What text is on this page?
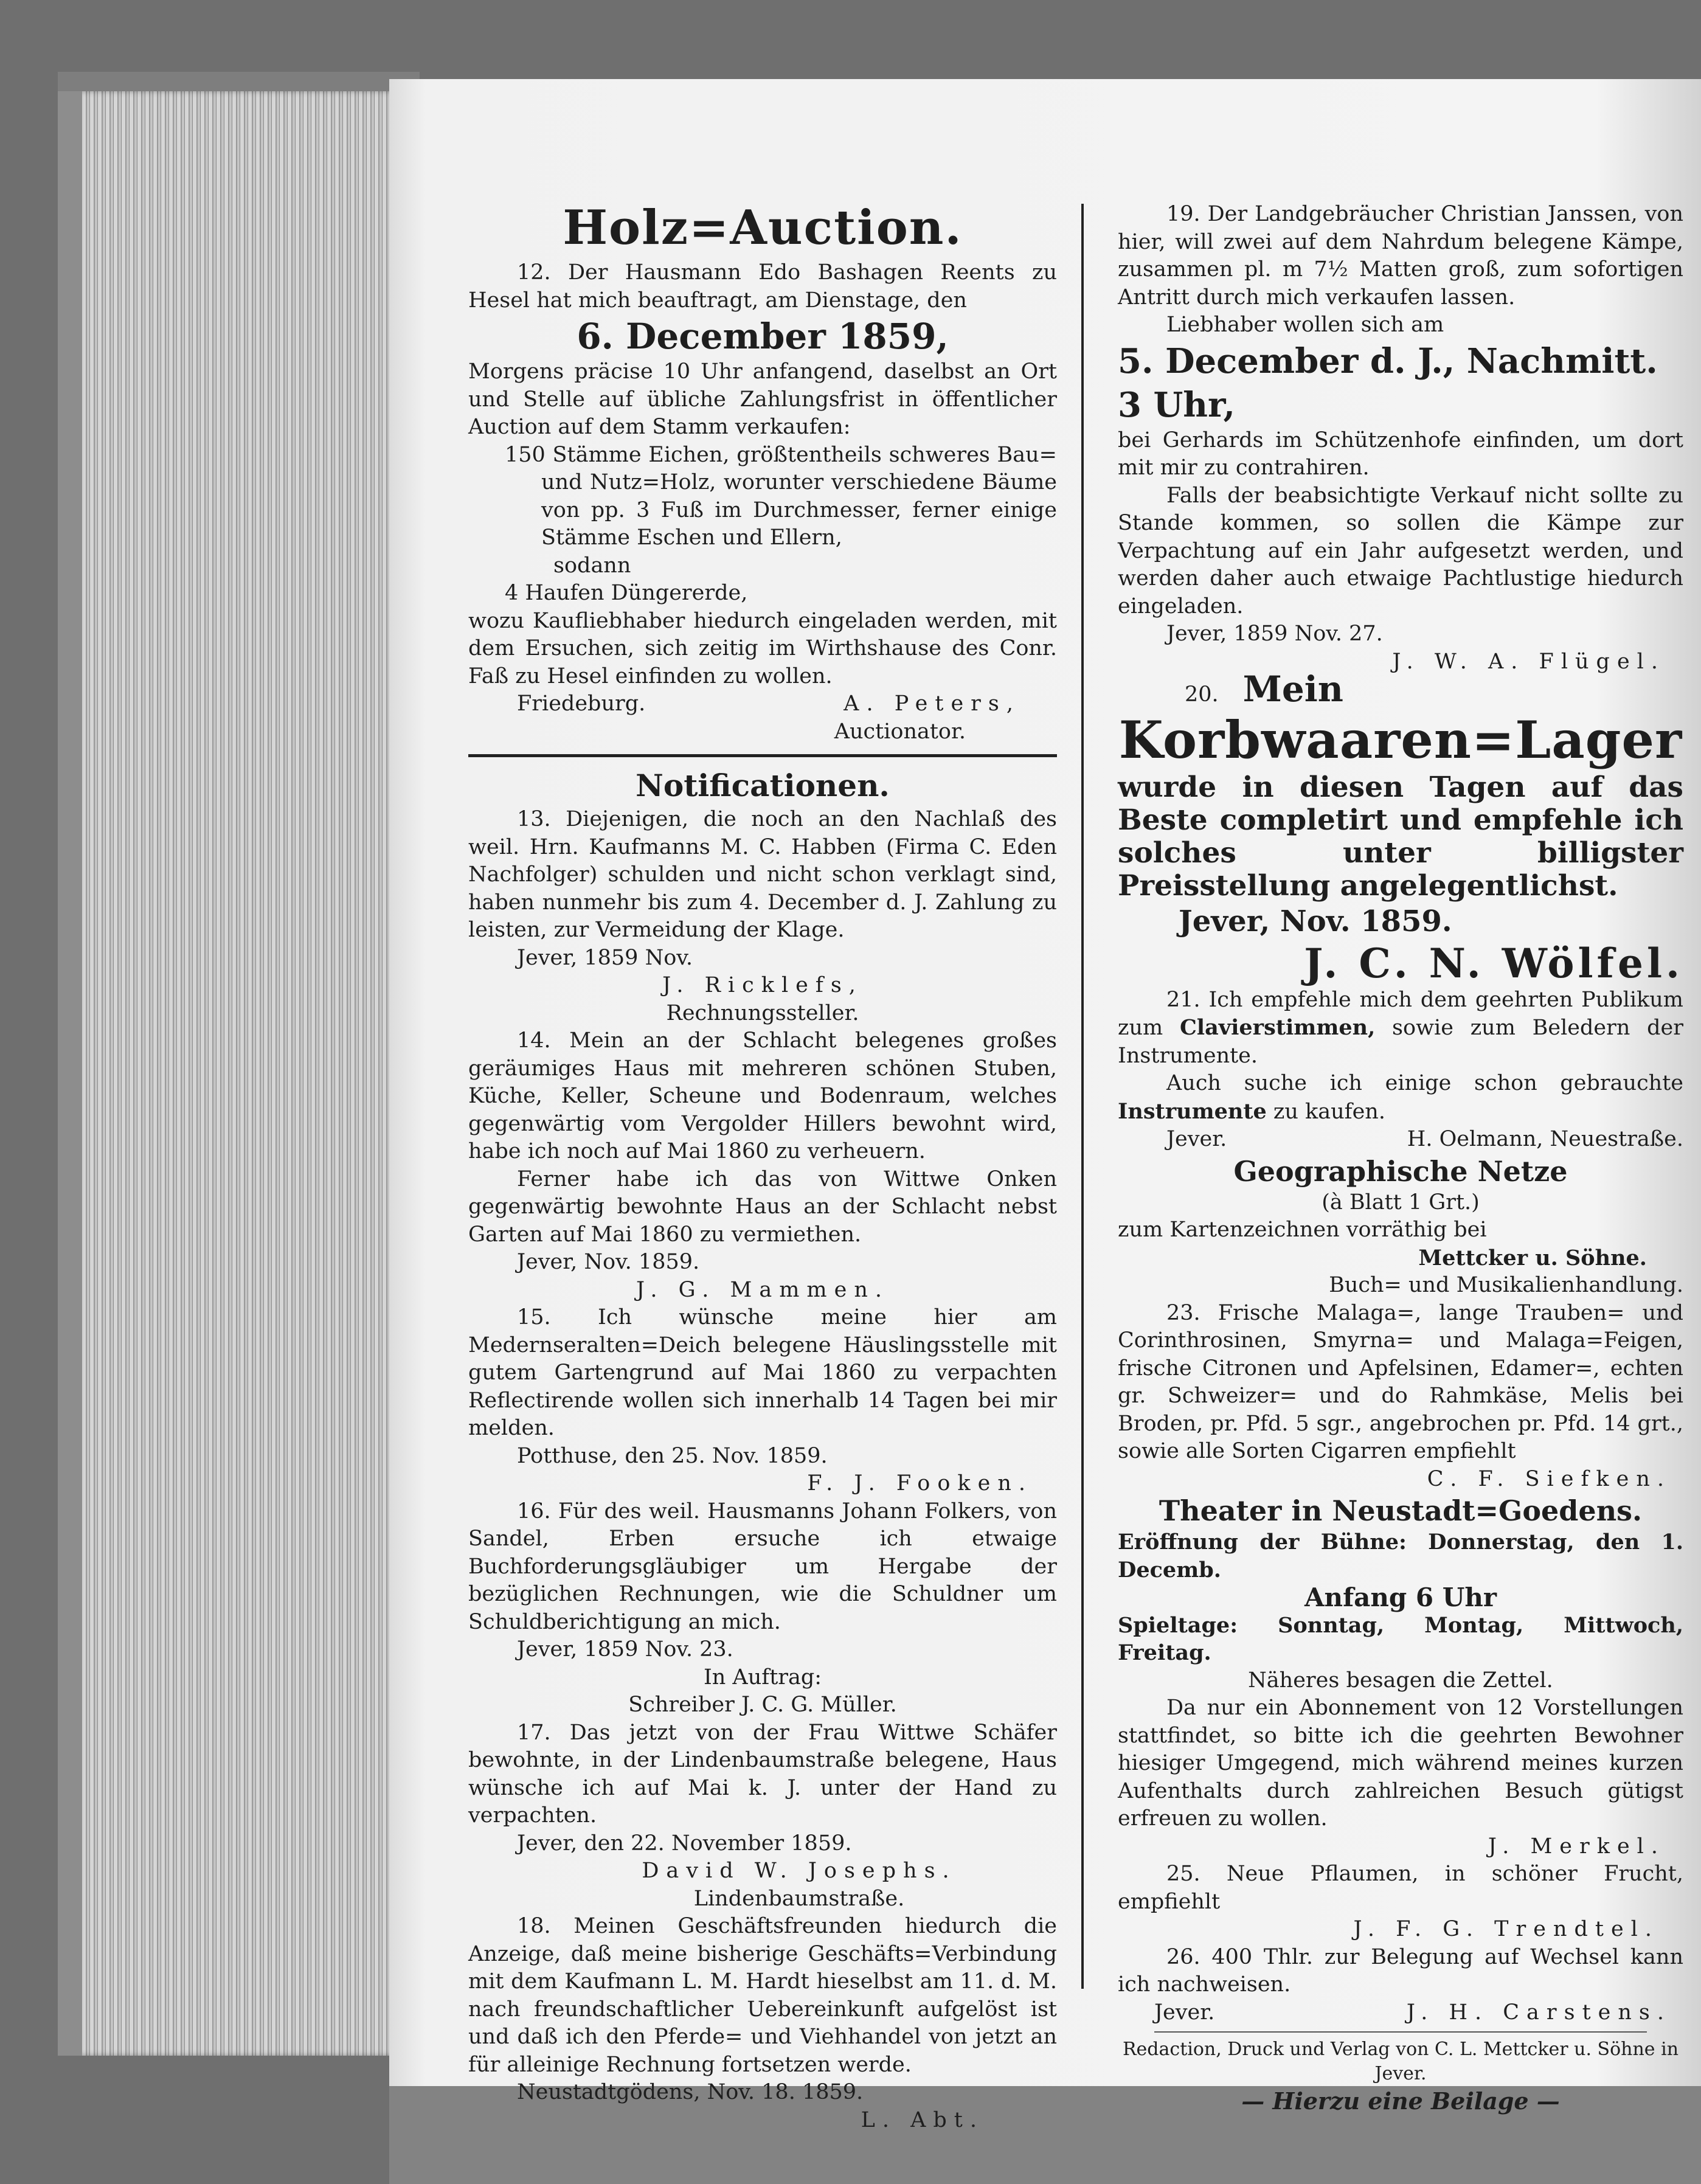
Holz=Auction.

12. Der Hausmann Edo Bashagen Reents zu Hesel hat mich beauftragt, am Dienstage, den

6. December 1859,

Morgens präcise 10 Uhr anfangend, daselbst an Ort und Stelle auf übliche Zahlungsfrist in öffentlicher Auction auf dem Stamm verkaufen:

150 Stämme Eichen, größtentheils schweres Bau= und Nutz=Holz, worunter verschiedene Bäume von pp. 3 Fuß im Durchmesser, ferner einige Stämme Eschen und Ellern,

sodann

4 Haufen Düngererde,

wozu Kaufliebhaber hiedurch eingeladen werden, mit dem Ersuchen, sich zeitig im Wirthshause des Conr. Faß zu Hesel einfinden zu wollen.

Friedeburg.	A. Peters,

Auctionator.

Notificationen.

13. Diejenigen, die noch an den Nachlaß des weil. Hrn. Kaufmanns M. C. Habben (Firma C. Eden Nachfolger) schulden und nicht schon verklagt sind, haben nunmehr bis zum 4. December d. J. Zahlung zu leisten, zur Vermeidung der Klage.

Jever, 1859 Nov.

J. Ricklefs,

Rechnungssteller.

14. Mein an der Schlacht belegenes großes geräumiges Haus mit mehreren schönen Stuben, Küche, Keller, Scheune und Bodenraum, welches gegenwärtig vom Vergolder Hillers bewohnt wird, habe ich noch auf Mai 1860 zu verheuern.

Ferner habe ich das von Wittwe Onken gegenwärtig bewohnte Haus an der Schlacht nebst Garten auf Mai 1860 zu vermiethen.

Jever, Nov. 1859.

J. G. Mammen.

15. Ich wünsche meine hier am Medernseralten=Deich belegene Häuslingsstelle mit gutem Gartengrund auf Mai 1860 zu verpachten Reflectirende wollen sich innerhalb 14 Tagen bei mir melden.

Potthuse, den 25. Nov. 1859.

F. J. Fooken.

16. Für des weil. Hausmanns Johann Folkers, von Sandel, Erben ersuche ich etwaige Buchforderungsgläubiger um Hergabe der bezüglichen Rechnungen, wie die Schuldner um Schuldberichtigung an mich.

Jever, 1859 Nov. 23.

In Auftrag:

Schreiber J. C. G. Müller.

17. Das jetzt von der Frau Wittwe Schäfer bewohnte, in der Lindenbaumstraße belegene, Haus wünsche ich auf Mai k. J. unter der Hand zu verpachten.

Jever, den 22. November 1859.

David W. Josephs.

Lindenbaumstraße.

18. Meinen Geschäftsfreunden hiedurch die Anzeige, daß meine bisherige Geschäfts=Verbindung mit dem Kaufmann L. M. Hardt hieselbst am 11. d. M. nach freundschaftlicher Uebereinkunft aufgelöst ist und daß ich den Pferde= und Viehhandel von jetzt an für alleinige Rechnung fortsetzen werde.

Neustadtgödens, Nov. 18. 1859.

L. Abt.

19. Der Landgebräucher Christian Janssen, von hier, will zwei auf dem Nahrdum belegene Kämpe, zusammen pl. m 7½ Matten groß, zum sofortigen Antritt durch mich verkaufen lassen.

Liebhaber wollen sich am

5. December d. J., Nachmitt. 3 Uhr,

bei Gerhards im Schützenhofe einfinden, um dort mit mir zu contrahiren.

Falls der beabsichtigte Verkauf nicht sollte zu Stande kommen, so sollen die Kämpe zur Verpachtung auf ein Jahr aufgesetzt werden, und werden daher auch etwaige Pachtlustige hiedurch eingeladen.

Jever, 1859 Nov. 27.

J. W. A. Flügel.

20. Mein
Korbwaaren=Lager

wurde in diesen Tagen auf das Beste completirt und empfehle ich solches unter billigster Preisstellung angelegentlichst.

Jever, Nov. 1859.

J. C. N. Wölfel.

21. Ich empfehle mich dem geehrten Publikum zum Clavierstimmen, sowie zum Beledern der Instrumente.

Auch suche ich einige schon gebrauchte Instrumente zu kaufen.

Jever.	H. Oelmann, Neuestraße.
Geographische Netze

(à Blatt 1 Grt.)

zum Kartenzeichnen vorräthig bei

Mettcker u. Söhne.

Buch= und Musikalienhandlung.

23. Frische Malaga=, lange Trauben= und Corinthrosinen, Smyrna= und Malaga=Feigen, frische Citronen und Apfelsinen, Edamer=, echten gr. Schweizer= und do Rahmkäse, Melis bei Broden, pr. Pfd. 5 sgr., angebrochen pr. Pfd. 14 grt., sowie alle Sorten Cigarren empfiehlt

C. F. Siefken.

Theater in Neustadt=Goedens.

Eröffnung der Bühne: Donnerstag, den 1. Decemb.

Anfang 6 Uhr

Spieltage: Sonntag, Montag, Mittwoch, Freitag.

Näheres besagen die Zettel.

Da nur ein Abonnement von 12 Vorstellungen stattfindet, so bitte ich die geehrten Bewohner hiesiger Umgegend, mich während meines kurzen Aufenthalts durch zahlreichen Besuch gütigst erfreuen zu wollen.

J. Merkel.

25. Neue Pflaumen, in schöner Frucht, empfiehlt

J. F. G. Trendtel.

26. 400 Thlr. zur Belegung auf Wechsel kann ich nachweisen.

Jever.	J. H. Carstens.

Redaction, Druck und Verlag von C. L. Mettcker u. Söhne in Jever.

— Hierzu eine Beilage —
